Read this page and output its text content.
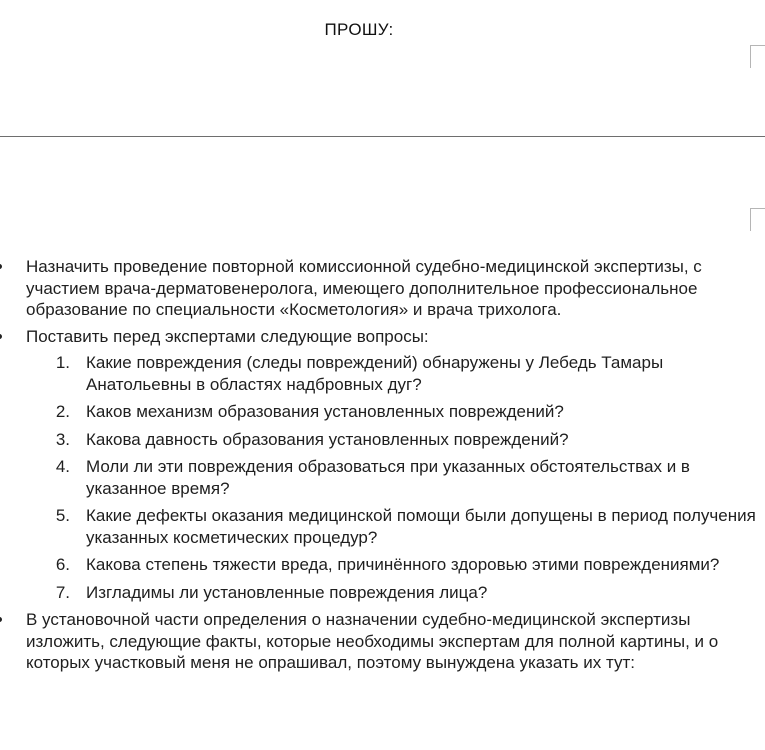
ПРОШУ:
Назначить проведение повторной комиссионной судебно-медицинской экспертизы, с участием врача-дерматовенеролога, имеющего дополнительное профессиональное образование по специальности «Косметология» и врача трихолога.
Поставить перед экспертами следующие вопросы:
1. Какие повреждения (следы повреждений) обнаружены у Лебедь Тамары Анатольевны в областях надбровных дуг?
2. Каков механизм образования установленных повреждений?
3. Какова давность образования установленных повреждений?
4. Моли ли эти повреждения образоваться при указанных обстоятельствах и в указанное время?
5. Какие дефекты оказания медицинской помощи были допущены в период получения указанных косметических процедур?
6. Какова степень тяжести вреда, причинённого здоровью этими повреждениями?
7. Изгладимы ли установленные повреждения лица?
В установочной части определения о назначении судебно-медицинской экспертизы изложить, следующие факты, которые необходимы экспертам для полной картины, и о которых участковый меня не опрашивал, поэтому вынуждена указать их тут:
